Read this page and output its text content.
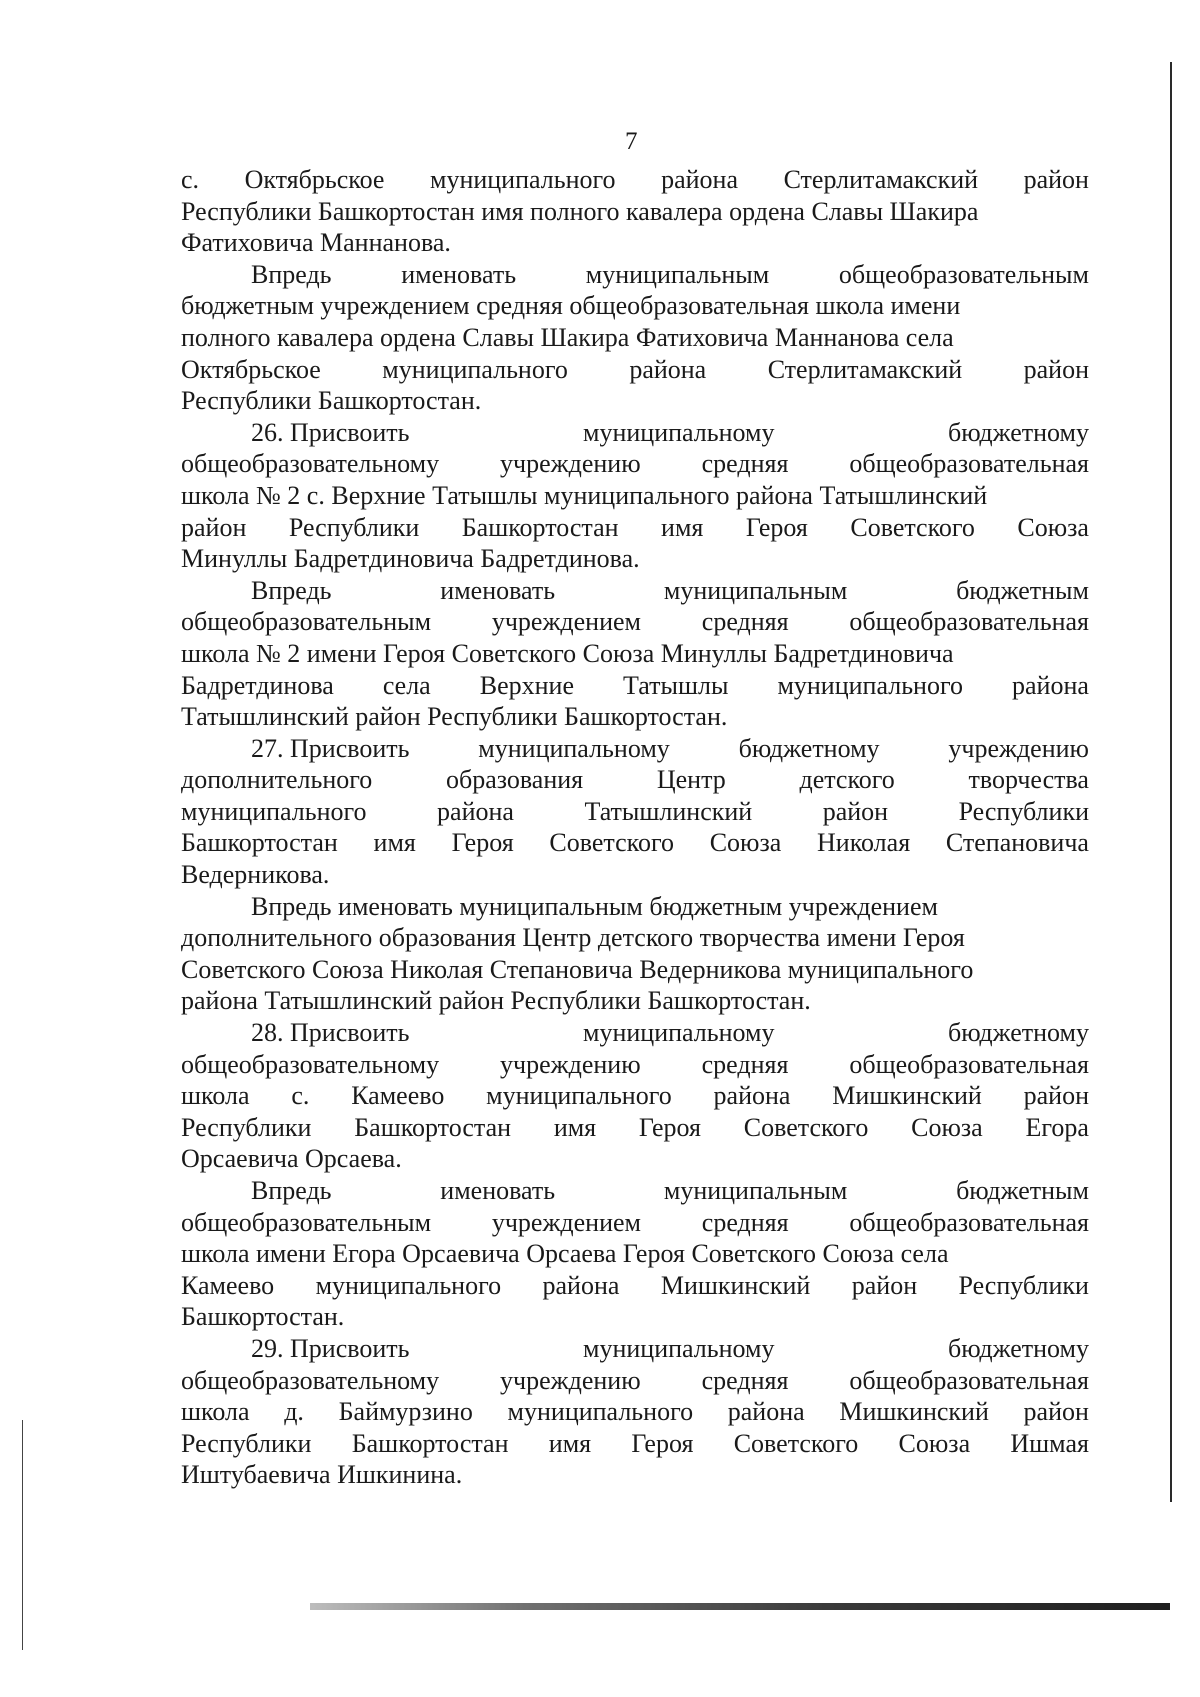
7
с. Октябрьское муниципального района Стерлитамакский район
Республики Башкортостан имя полного кавалера ордена Славы Шакира
Фатиховича Маннанова.
Впредь	именовать	муниципальным	общеобразовательным
бюджетным учреждением средняя общеобразовательная школа имени
полного кавалера ордена Славы Шакира Фатиховича Маннанова села
Октябрьское муниципального района Стерлитамакский район
Республики Башкортостан.
26. Присвоить	муниципальному	бюджетному
общеобразовательному учреждению средняя общеобразовательная
школа № 2 с. Верхние Татышлы муниципального района Татышлинский
район Республики Башкортостан имя Героя Советского Союза
Минуллы Бадретдиновича Бадретдинова.
Впредь	именовать	муниципальным	бюджетным
общеобразовательным учреждением средняя общеобразовательная
школа № 2 имени Героя Советского Союза Минуллы Бадретдиновича
Бадретдинова села Верхние Татышлы муниципального района
Татышлинский район Республики Башкортостан.
27. Присвоить	муниципальному	бюджетному	учреждению
дополнительного	образования	Центр	детского	творчества
муниципального	района	Татышлинский	район	Республики
Башкортостан имя Героя Советского Союза Николая Степановича
Ведерникова.
Впредь именовать муниципальным бюджетным учреждением
дополнительного образования Центр детского творчества имени Героя
Советского Союза Николая Степановича Ведерникова муниципального
района Татышлинский район Республики Башкортостан.
28. Присвоить	муниципальному	бюджетному
общеобразовательному учреждению средняя общеобразовательная
школа с. Камеево муниципального района Мишкинский район
Республики Башкортостан имя Героя Советского Союза Егора
Орсаевича Орсаева.
Впредь	именовать	муниципальным	бюджетным
общеобразовательным учреждением средняя общеобразовательная
школа имени Егора Орсаевича Орсаева Героя Советского Союза села
Камеево муниципального района Мишкинский район Республики
Башкортостан.
29. Присвоить	муниципальному	бюджетному
общеобразовательному учреждению средняя общеобразовательная
школа д. Баймурзино муниципального района Мишкинский район
Республики Башкортостан имя Героя Советского Союза Ишмая
Иштубаевича Ишкинина.
